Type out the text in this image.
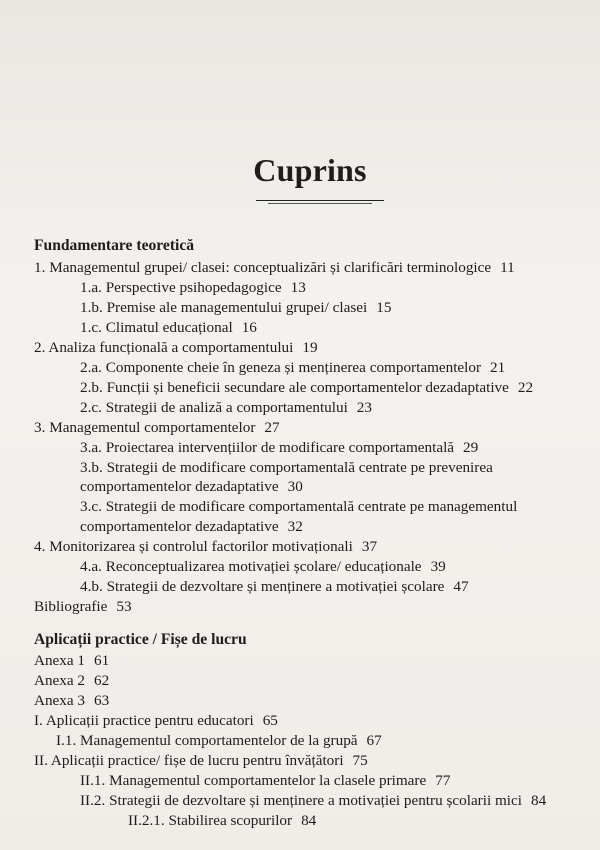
Cuprins
Fundamentare teoretică
1. Managementul grupei/ clasei: conceptualizări și clarificări terminologice 11
1.a. Perspective psihopedagogice 13
1.b. Premise ale managementului grupei/ clasei 15
1.c. Climatul educațional 16
2. Analiza funcțională a comportamentului 19
2.a. Componente cheie în geneza și menținerea comportamentelor 21
2.b. Funcții și beneficii secundare ale comportamentelor dezadaptative 22
2.c. Strategii de analiză a comportamentului 23
3. Managementul comportamentelor 27
3.a. Proiectarea intervențiilor de modificare comportamentală 29
3.b. Strategii de modificare comportamentală centrate pe prevenirea
comportamentelor dezadaptative 30
3.c. Strategii de modificare comportamentală centrate pe managementul
comportamentelor dezadaptative 32
4. Monitorizarea și controlul factorilor motivaționali 37
4.a. Reconceptualizarea motivației școlare/ educaționale 39
4.b. Strategii de dezvoltare și menținere a motivației școlare 47
Bibliografie 53
Aplicații practice / Fișe de lucru
Anexa 1 61
Anexa 2 62
Anexa 3 63
I. Aplicații practice pentru educatori 65
I.1. Managementul comportamentelor de la grupă 67
II. Aplicații practice/ fișe de lucru pentru învățători 75
II.1. Managementul comportamentelor la clasele primare 77
II.2. Strategii de dezvoltare și menținere a motivației pentru școlarii mici 84
II.2.1. Stabilirea scopurilor 84
